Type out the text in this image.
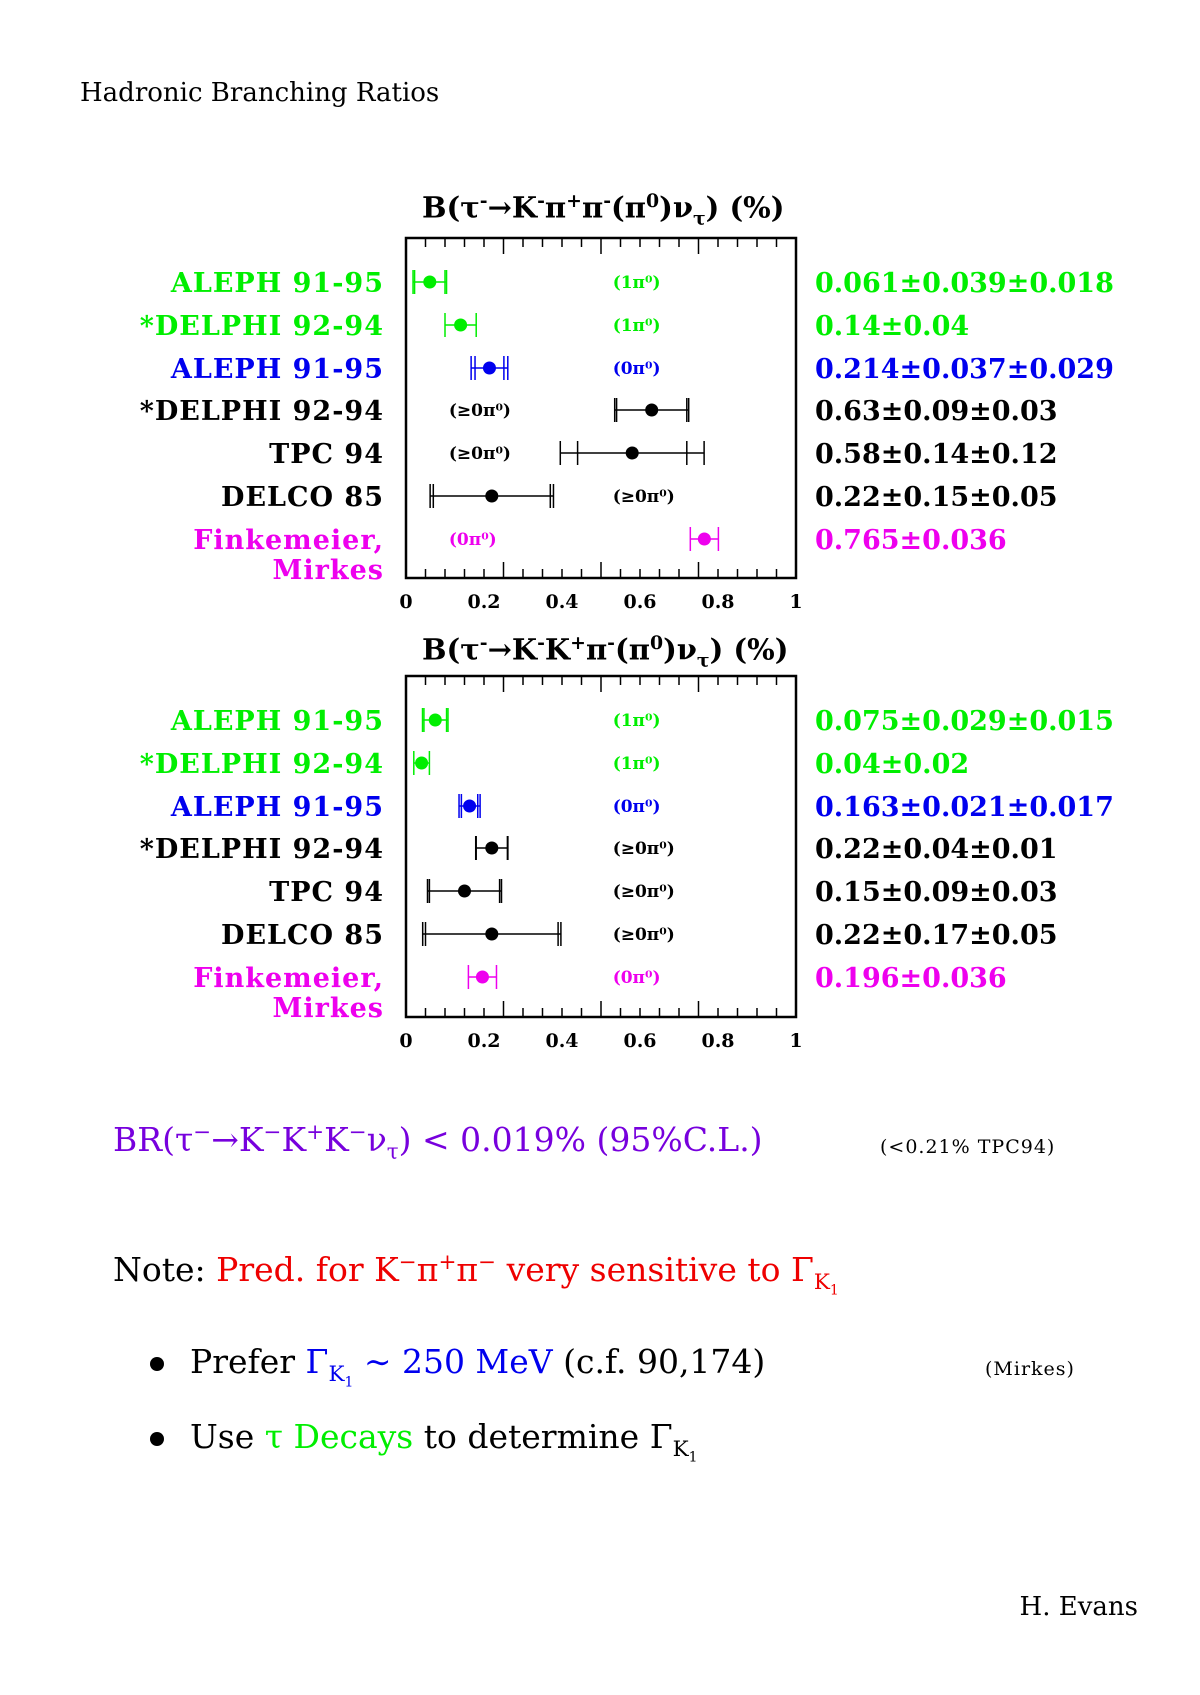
Hadronic Branching Ratios
$B(\tau^-\to K^-\pi^+\pi^-(\pi^0)\nu_\tau)$ (%)
$B(\tau^-\to K^-K^+\pi^-(\pi^0)\nu_\tau)$ (%)
0	0.2 0.4 0.6 0.8	1
(1π⁰)
ALEPH 91-95	0.061±0.039±0.018
(1π⁰)
*DELPHI 92-94	0.14±0.04
(0π⁰)
ALEPH 91-95	0.214±0.037±0.029
(≥0π⁰)
*DELPHI 92-94	0.63±0.09±0.03
(≥0π⁰)
TPC 94	0.58±0.14±0.12
(≥0π⁰)
DELCO 85	0.22±0.15±0.05
(0π⁰)
Finkemeier,
Mirkes
0.765±0.036
0	0.2 0.4 0.6 0.8	1
(1π⁰)
ALEPH 91-95	0.075±0.029±0.015
(1π⁰)
*DELPHI 92-94	0.04±0.02
(0π⁰)
ALEPH 91-95	0.163±0.021±0.017
(≥0π⁰)
*DELPHI 92-94	0.22±0.04±0.01
(≥0π⁰)
TPC 94	0.15±0.09±0.03
(≥0π⁰)
DELCO 85	0.22±0.17±0.05
(0π⁰)
Finkemeier,
Mirkes
0.196±0.036
$BR(\tau^-\to K^-K^+K^-\nu_\tau) < 0.019\%$ (95%C.L.)	(<0.21% TPC94)
Note: Pred. for K−π+π− very sensitive to $\Gamma_{K_1}$
Prefer $\Gamma_{K_1}$ ∼ 250 MeV (c.f. 90,174)	(Mirkes)
Use τ Decays to determine $\Gamma_{K_1}$
H. Evans
